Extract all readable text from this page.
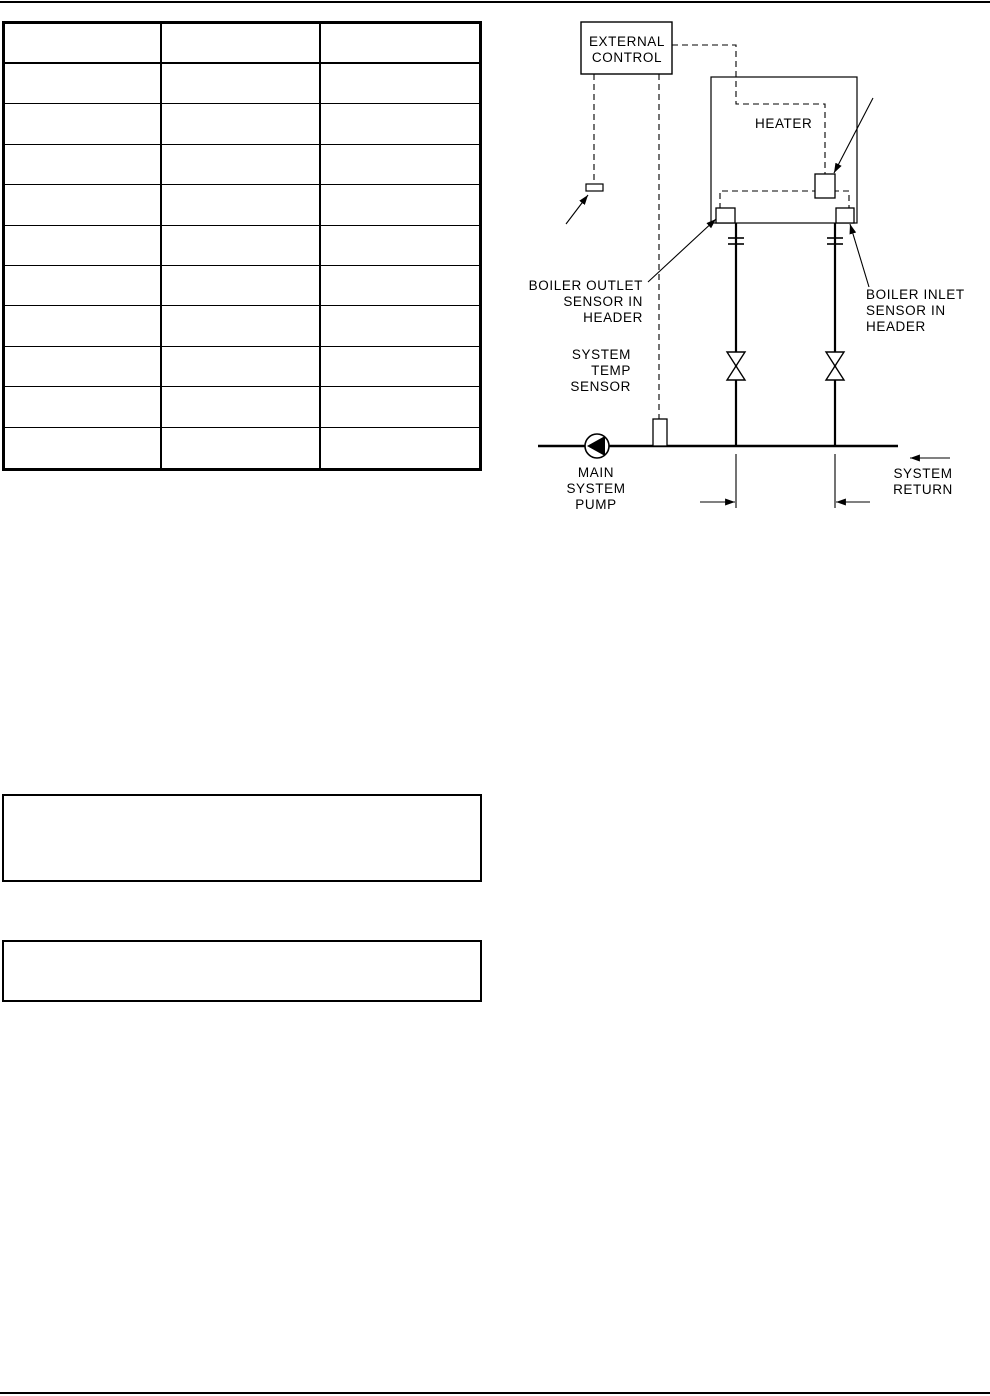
EXTERNAL
CONTROL
HEATER
BOILER OUTLET
SENSOR IN
HEADER
BOILER INLET
SENSOR IN
HEADER
SYSTEM
TEMP
SENSOR
MAIN
SYSTEM
PUMP
SYSTEM
RETURN
